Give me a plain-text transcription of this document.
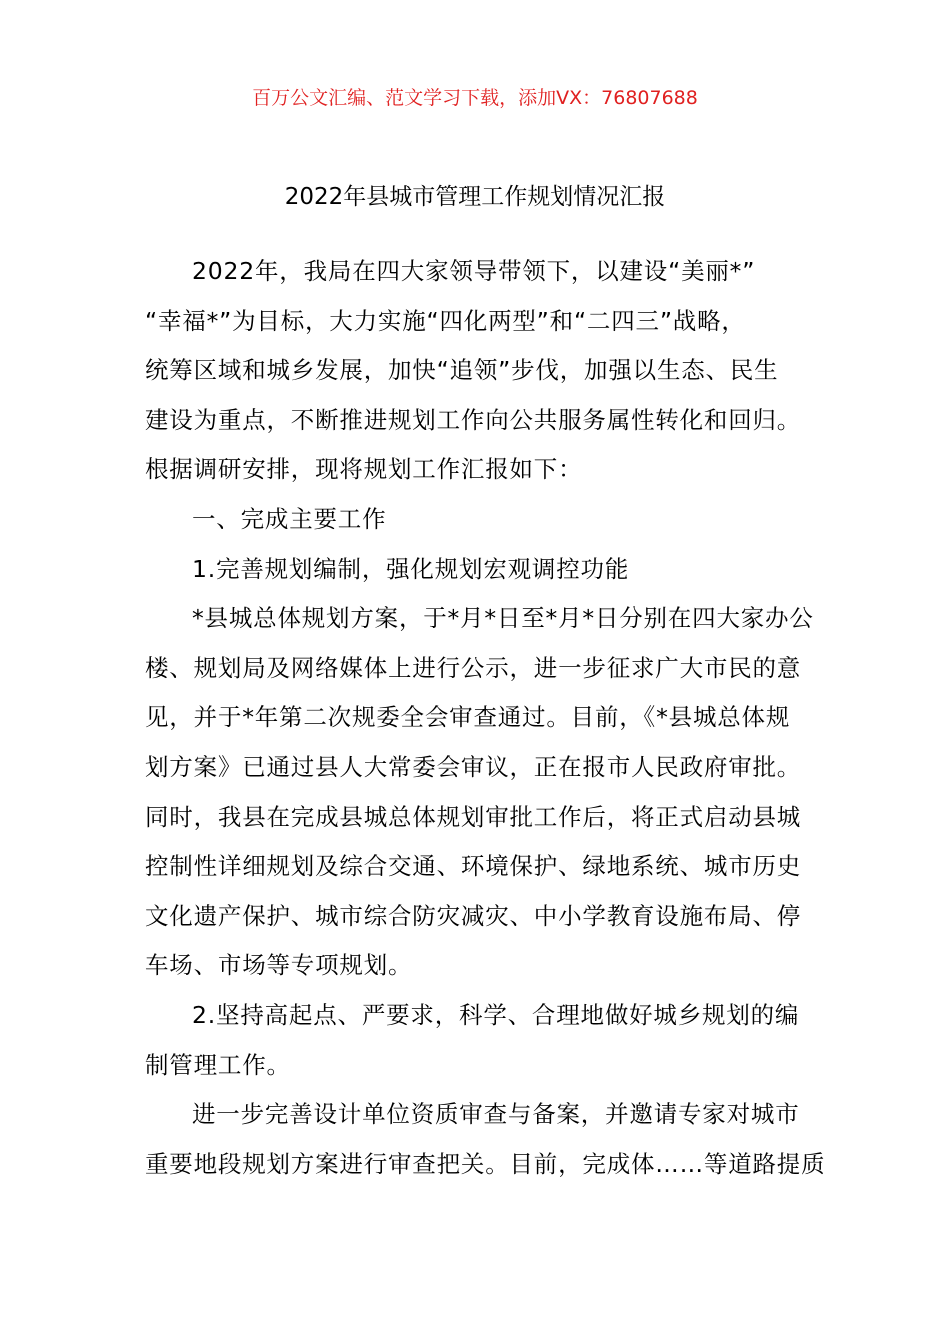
百万公文汇编、范文学习下载，添加VX：76807688
2022年县城市管理工作规划情况汇报
2022年，我局在四大家领导带领下，以建设“美丽*”
“幸福*”为目标，大力实施“四化两型”和“二四三”战略，
统筹区域和城乡发展，加快“追领”步伐，加强以生态、民生
建设为重点，不断推进规划工作向公共服务属性转化和回归。
根据调研安排，现将规划工作汇报如下：
一、完成主要工作
1.完善规划编制，强化规划宏观调控功能
*县城总体规划方案，于*月*日至*月*日分别在四大家办公
楼、规划局及网络媒体上进行公示，进一步征求广大市民的意
见，并于*年第二次规委全会审查通过。目前，《*县城总体规
划方案》已通过县人大常委会审议，正在报市人民政府审批。
同时，我县在完成县城总体规划审批工作后，将正式启动县城
控制性详细规划及综合交通、环境保护、绿地系统、城市历史
文化遗产保护、城市综合防灾减灾、中小学教育设施布局、停
车场、市场等专项规划。
2.坚持高起点、严要求，科学、合理地做好城乡规划的编
制管理工作。
进一步完善设计单位资质审查与备案，并邀请专家对城市
重要地段规划方案进行审查把关。目前，完成体……等道路提质
